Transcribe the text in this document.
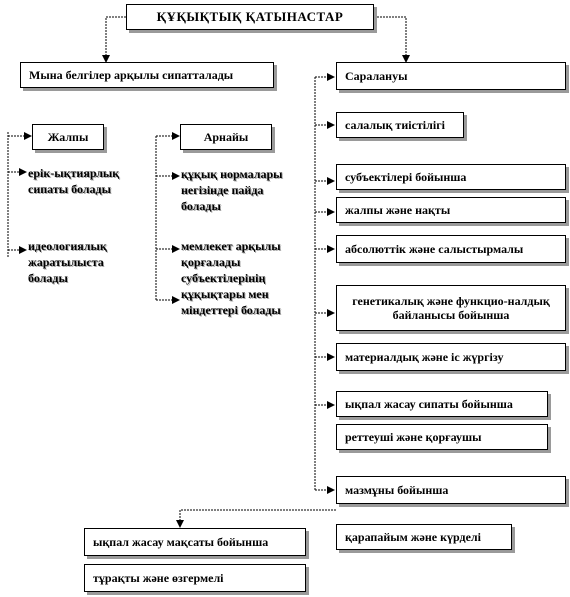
ҚҰҚЫҚТЫҚ ҚАТЫНАСТАР
Мына белгілер арқылы сипатталады	Саралануы
Жалпы
ерік-ықтиярлық сипаты болады
идеологиялық жаратылыста болады
Арнайы
құқық нормалары негізінде пайда болады
мемлекет арқылы қорғалады
субъектілерінің құқықтары мен міндеттері болады
салалық тиістілігі
субъектілері бойынша
жалпы және нақты
абсолюттік және салыстырмалы
генетикалық және функцио-налдық байланысы бойынша
материалдық және іс жүргізу
ықпал жасау сипаты бойынша
реттеуші және қорғаушы
мазмұны бойынша
қарапайым және күрделі
ықпал жасау мақсаты бойынша
тұрақты және өзгермелі
